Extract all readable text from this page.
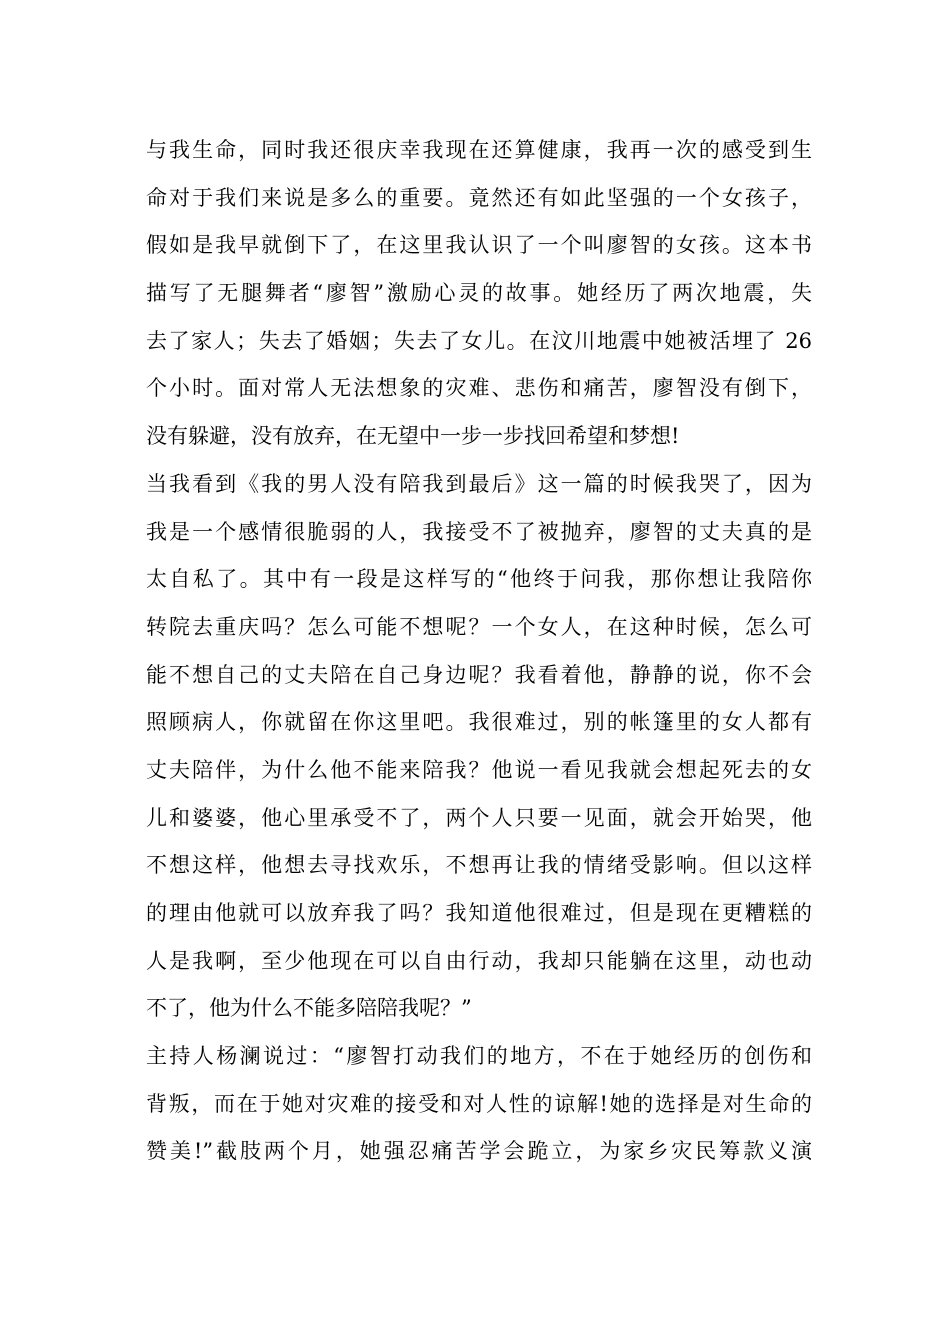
与我生命，同时我还很庆幸我现在还算健康，我再一次的感受到生
命对于我们来说是多么的重要。竟然还有如此坚强的一个女孩子，
假如是我早就倒下了，在这里我认识了一个叫廖智的女孩。这本书
描写了无腿舞者“廖智”激励心灵的故事。她经历了两次地震，失
去了家人；失去了婚姻；失去了女儿。在汶川地震中她被活埋了 26
个小时。面对常人无法想象的灾难、悲伤和痛苦，廖智没有倒下，
没有躲避，没有放弃，在无望中一步一步找回希望和梦想!
当我看到《我的男人没有陪我到最后》这一篇的时候我哭了，因为
我是一个感情很脆弱的人，我接受不了被抛弃，廖智的丈夫真的是
太自私了。其中有一段是这样写的“他终于问我，那你想让我陪你
转院去重庆吗？怎么可能不想呢？一个女人，在这种时候，怎么可
能不想自己的丈夫陪在自己身边呢？我看着他，静静的说，你不会
照顾病人，你就留在你这里吧。我很难过，别的帐篷里的女人都有
丈夫陪伴，为什么他不能来陪我？他说一看见我就会想起死去的女
儿和婆婆，他心里承受不了，两个人只要一见面，就会开始哭，他
不想这样，他想去寻找欢乐，不想再让我的情绪受影响。但以这样
的理由他就可以放弃我了吗？我知道他很难过，但是现在更糟糕的
人是我啊，至少他现在可以自由行动，我却只能躺在这里，动也动
不了，他为什么不能多陪陪我呢？”
主持人杨澜说过：“廖智打动我们的地方，不在于她经历的创伤和
背叛，而在于她对灾难的接受和对人性的谅解!她的选择是对生命的
赞美!”截肢两个月，她强忍痛苦学会跪立，为家乡灾民筹款义演
